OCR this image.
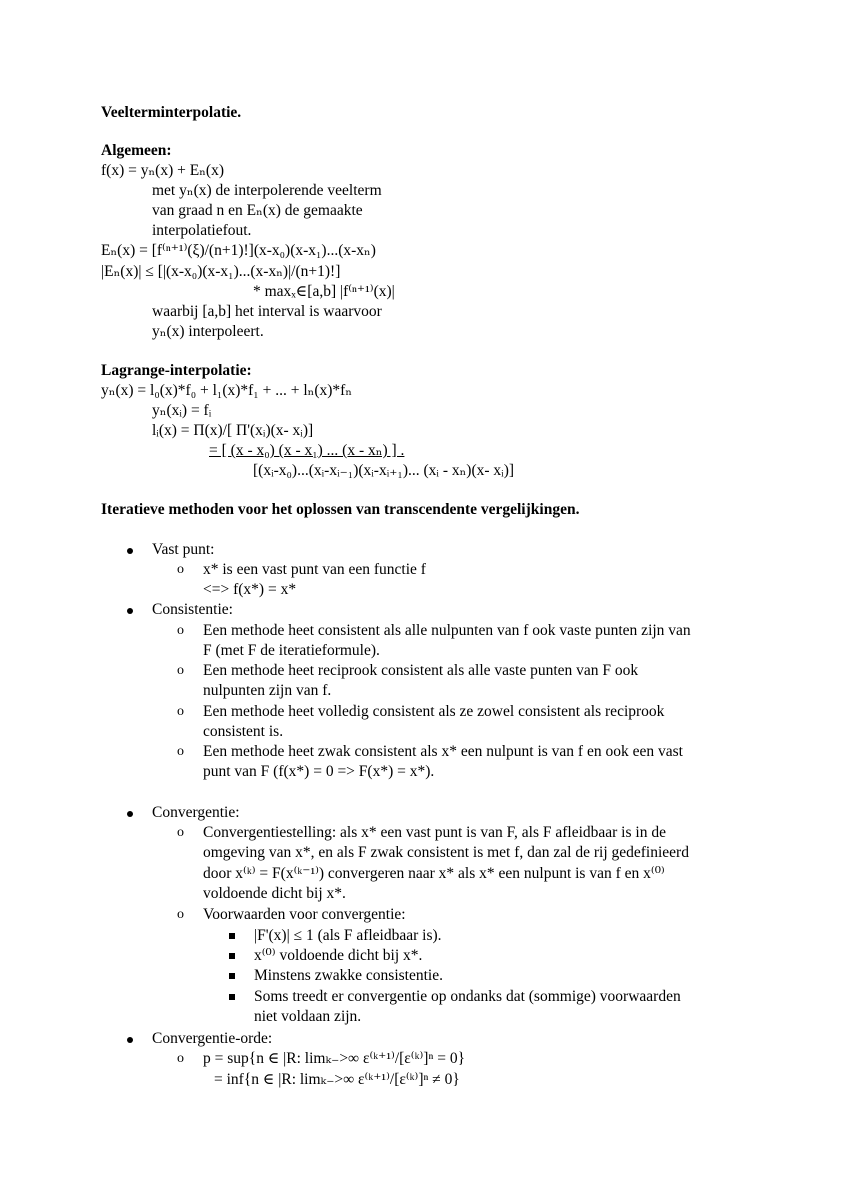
Veelterminterpolatie.
Algemeen:
f(x) = yₙ(x) + Eₙ(x)
met yₙ(x) de interpolerende veelterm
van graad n en Eₙ(x) de gemaakte
interpolatiefout.
Eₙ(x) = [f⁽ⁿ⁺¹⁾(ξ)/(n+1)!](x-x₀)(x-x₁)...(x-xₙ)
|Eₙ(x)| ≤ [|(x-x₀)(x-x₁)...(x-xₙ)|/(n+1)!]
* maxₓ∈[a,b] |f⁽ⁿ⁺¹⁾(x)|
waarbij [a,b] het interval is waarvoor
yₙ(x) interpoleert.
Lagrange-interpolatie:
yₙ(x) = l₀(x)*f₀ + l₁(x)*f₁ + ... + lₙ(x)*fₙ
yₙ(xᵢ) = fᵢ
lᵢ(x) = Π(x)/[ Π'(xᵢ)(x- xᵢ)]
= [ (x - x₀) (x - x₁) ... (x - xₙ) ] .
[(xᵢ-x₀)...(xᵢ-xᵢ₋₁)(xᵢ-xᵢ₊₁)... (xᵢ - xₙ)(x- xᵢ)]
Iteratieve methoden voor het oplossen van transcendente vergelijkingen.
Vast punt:
o x* is een vast punt van een functie f
<=> f(x*) = x*
Consistentie:
o Een methode heet consistent als alle nulpunten van f ook vaste punten zijn van
F (met F de iteratieformule).
o Een methode heet reciprook consistent als alle vaste punten van F ook
nulpunten zijn van f.
o Een methode heet volledig consistent als ze zowel consistent als reciprook
consistent is.
o Een methode heet zwak consistent als x* een nulpunt is van f en ook een vast
punt van F (f(x*) = 0 => F(x*) = x*).
Convergentie:
o Convergentiestelling: als x* een vast punt is van F, als F afleidbaar is in de
omgeving van x*, en als F zwak consistent is met f, dan zal de rij gedefinieerd
door x⁽ᵏ⁾ = F(x⁽ᵏ⁻¹⁾) convergeren naar x* als x* een nulpunt is van f en x⁽⁰⁾
voldoende dicht bij x*.
o Voorwaarden voor convergentie:
|F'(x)| ≤ 1 (als F afleidbaar is).
x⁽⁰⁾ voldoende dicht bij x*.
Minstens zwakke consistentie.
Soms treedt er convergentie op ondanks dat (sommige) voorwaarden
niet voldaan zijn.
Convergentie-orde:
o p = sup{n ∈ |R: limₖ₋>∞ ε⁽ᵏ⁺¹⁾/[ε⁽ᵏ⁾]ⁿ = 0}
= inf{n ∈ |R: limₖ₋>∞ ε⁽ᵏ⁺¹⁾/[ε⁽ᵏ⁾]ⁿ ≠ 0}
